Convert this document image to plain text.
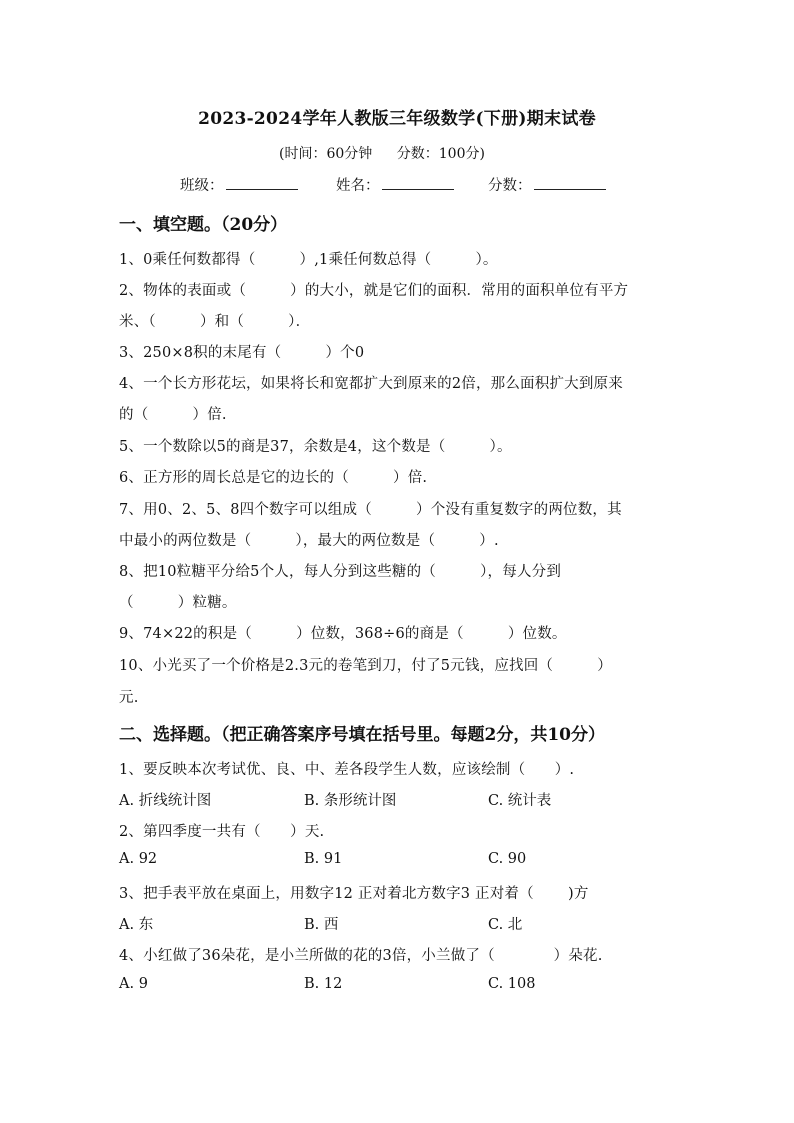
2023-2024学年人教版三年级数学(下册)期末试卷
(时间：60分钟 分数：100分)
班级：	姓名：	分数：
一、填空题。（20分）
1、0乘任何数都得（　　　）,1乘任何数总得（　　　）。
2、物体的表面或（　　　）的大小，就是它们的面积．常用的面积单位有平方
米、（　　　）和（　　　）．
3、250×8积的末尾有（　　　）个0
4、一个长方形花坛，如果将长和宽都扩大到原来的2倍，那么面积扩大到原来
的（　　　）倍.
5、一个数除以5的商是37，余数是4，这个数是（　　　）。
6、正方形的周长总是它的边长的（　　　）倍.
7、用0、2、5、8四个数字可以组成（　　　）个没有重复数字的两位数，其
中最小的两位数是（　　　），最大的两位数是（　　　）.
8、把10粒糖平分给5个人，每人分到这些糖的（　　　），每人分到
（　　　）粒糖。
9、74×22的积是（　　　）位数，368÷6的商是（　　　）位数。
10、小光买了一个价格是2.3元的卷笔到刀，付了5元钱，应找回（　　　）
元.
二、选择题。（把正确答案序号填在括号里。每题2分，共10分）
1、要反映本次考试优、良、中、差各段学生人数，应该绘制（　　）.
A. 折线统计图	B. 条形统计图	C. 统计表
2、第四季度一共有（　　）天.
A. 92	B. 91	C. 90
3、把手表平放在桌面上，用数字12 正对着北方数字3 正对着（　　 )方
A. 东	B. 西	C. 北
4、小红做了36朵花，是小兰所做的花的3倍，小兰做了（　　　　）朵花.
A. 9	B. 12	C. 108
